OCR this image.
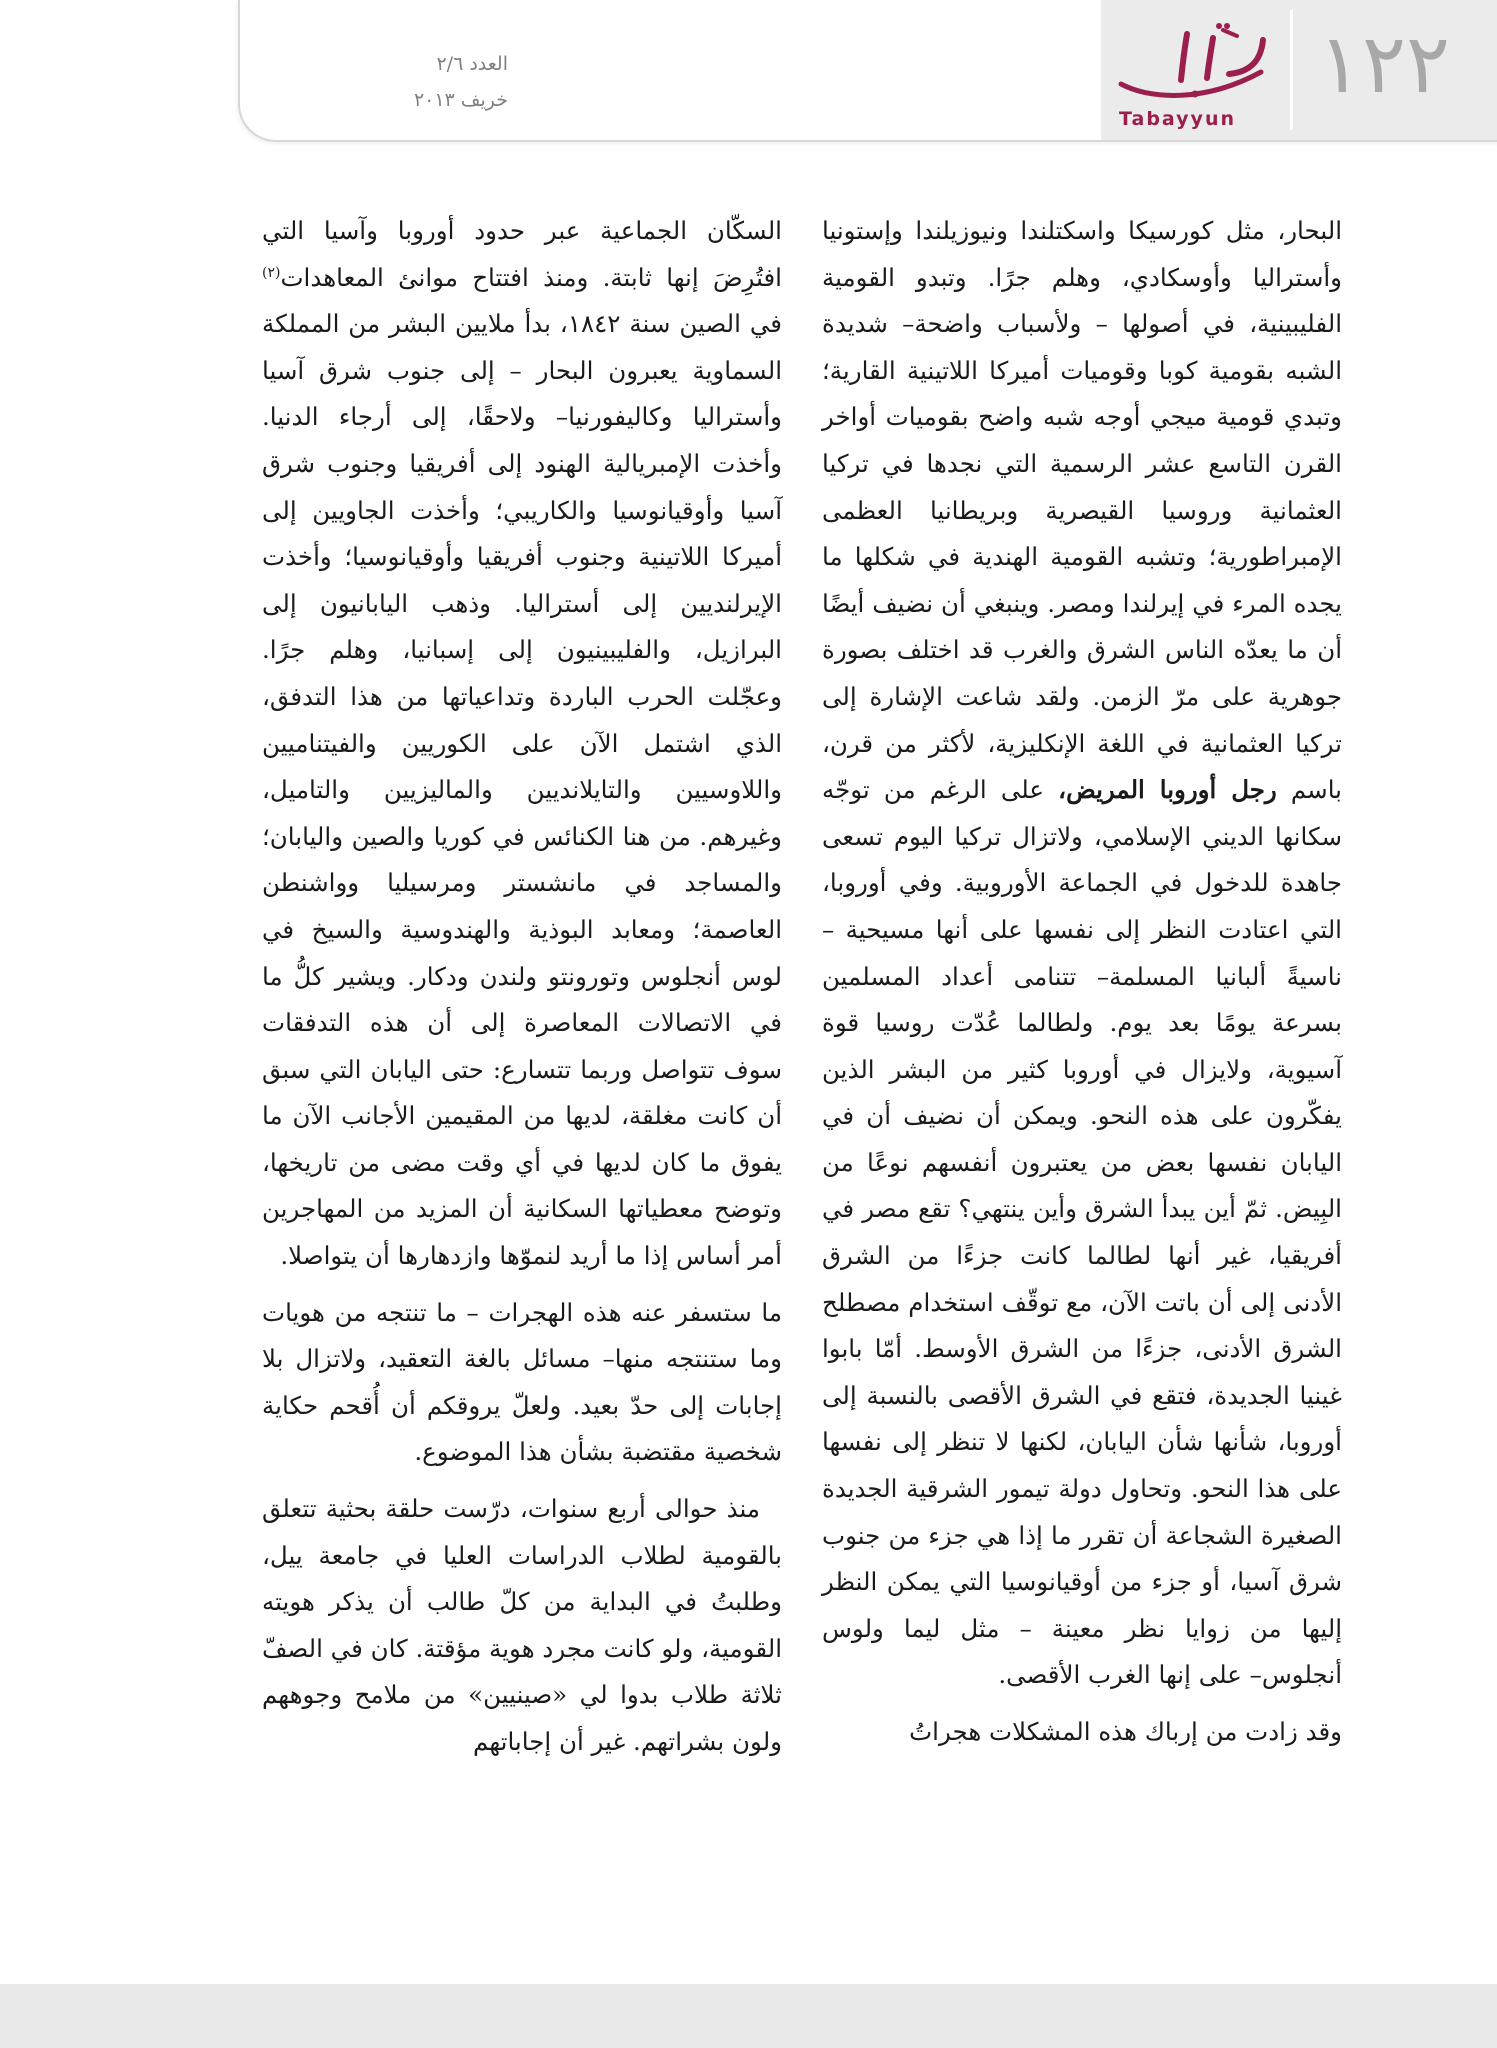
١٢٢
Tabayyun
العدد ٢/٦
خريف ٢٠١٣

البحار، مثل كورسيكا واسكتلندا ونيوزيلندا وإستونيا وأستراليا وأوسكادي، وهلم جرًا. وتبدو القومية الفليبينية، في أصولها – ولأسباب واضحة– شديدة الشبه بقومية كوبا وقوميات أميركا اللاتينية القارية؛ وتبدي قومية ميجي أوجه شبه واضح بقوميات أواخر القرن التاسع عشر الرسمية التي نجدها في تركيا العثمانية وروسيا القيصرية وبريطانيا العظمى الإمبراطورية؛ وتشبه القومية الهندية في شكلها ما يجده المرء في إيرلندا ومصر. وينبغي أن نضيف أيضًا أن ما يعدّه الناس الشرق والغرب قد اختلف بصورة جوهرية على مرّ الزمن. ولقد شاعت الإشارة إلى تركيا العثمانية في اللغة الإنكليزية، لأكثر من قرن، باسم رجل أوروبا المريض، على الرغم من توجّه سكانها الديني الإسلامي، ولاتزال تركيا اليوم تسعى جاهدة للدخول في الجماعة الأوروبية. وفي أوروبا، التي اعتادت النظر إلى نفسها على أنها مسيحية – ناسيةً ألبانيا المسلمة– تتنامى أعداد المسلمين بسرعة يومًا بعد يوم. ولطالما عُدّت روسيا قوة آسيوية، ولايزال في أوروبا كثير من البشر الذين يفكّرون على هذه النحو. ويمكن أن نضيف أن في اليابان نفسها بعض من يعتبرون أنفسهم نوعًا من البِيض. ثمّ أين يبدأ الشرق وأين ينتهي؟ تقع مصر في أفريقيا، غير أنها لطالما كانت جزءًا من الشرق الأدنى إلى أن باتت الآن، مع توقّف استخدام مصطلح الشرق الأدنى، جزءًا من الشرق الأوسط. أمّا بابوا غينيا الجديدة، فتقع في الشرق الأقصى بالنسبة إلى أوروبا، شأنها شأن اليابان، لكنها لا تنظر إلى نفسها على هذا النحو. وتحاول دولة تيمور الشرقية الجديدة الصغيرة الشجاعة أن تقرر ما إذا هي جزء من جنوب شرق آسيا، أو جزء من أوقيانوسيا التي يمكن النظر إليها من زوايا نظر معينة – مثل ليما ولوس أنجلوس– على إنها الغرب الأقصى.

وقد زادت من إرباك هذه المشكلات هجراتُ

السكّان الجماعية عبر حدود أوروبا وآسيا التي افتُرِضَ إنها ثابتة. ومنذ افتتاح موانئ المعاهدات$^{(٢)}$ في الصين سنة ١٨٤٢، بدأ ملايين البشر من المملكة السماوية يعبرون البحار – إلى جنوب شرق آسيا وأستراليا وكاليفورنيا– ولاحقًا، إلى أرجاء الدنيا. وأخذت الإمبريالية الهنود إلى أفريقيا وجنوب شرق آسيا وأوقيانوسيا والكاريبي؛ وأخذت الجاويين إلى أميركا اللاتينية وجنوب أفريقيا وأوقيانوسيا؛ وأخذت الإيرلنديين إلى أستراليا. وذهب اليابانيون إلى البرازيل، والفليبينيون إلى إسبانيا، وهلم جرًا. وعجّلت الحرب الباردة وتداعياتها من هذا التدفق، الذي اشتمل الآن على الكوريين والفيتناميين واللاوسيين والتايلانديين والماليزيين والتاميل، وغيرهم. من هنا الكنائس في كوريا والصين واليابان؛ والمساجد في مانشستر ومرسيليا وواشنطن العاصمة؛ ومعابد البوذية والهندوسية والسيخ في لوس أنجلوس وتورونتو ولندن ودكار. ويشير كلُّ ما في الاتصالات المعاصرة إلى أن هذه التدفقات سوف تتواصل وربما تتسارع: حتى اليابان التي سبق أن كانت مغلقة، لديها من المقيمين الأجانب الآن ما يفوق ما كان لديها في أي وقت مضى من تاريخها، وتوضح معطياتها السكانية أن المزيد من المهاجرين أمر أساس إذا ما أريد لنموّها وازدهارها أن يتواصلا.

ما ستسفر عنه هذه الهجرات – ما تنتجه من هويات وما ستنتجه منها– مسائل بالغة التعقيد، ولاتزال بلا إجابات إلى حدّ بعيد. ولعلّ يروقكم أن أُقحم حكاية شخصية مقتضبة بشأن هذا الموضوع.

منذ حوالى أربع سنوات، درّست حلقة بحثية تتعلق بالقومية لطلاب الدراسات العليا في جامعة ييل، وطلبتُ في البداية من كلّ طالب أن يذكر هويته القومية، ولو كانت مجرد هوية مؤقتة. كان في الصفّ ثلاثة طلاب بدوا لي «صينيين» من ملامح وجوههم ولون بشراتهم. غير أن إجاباتهم
